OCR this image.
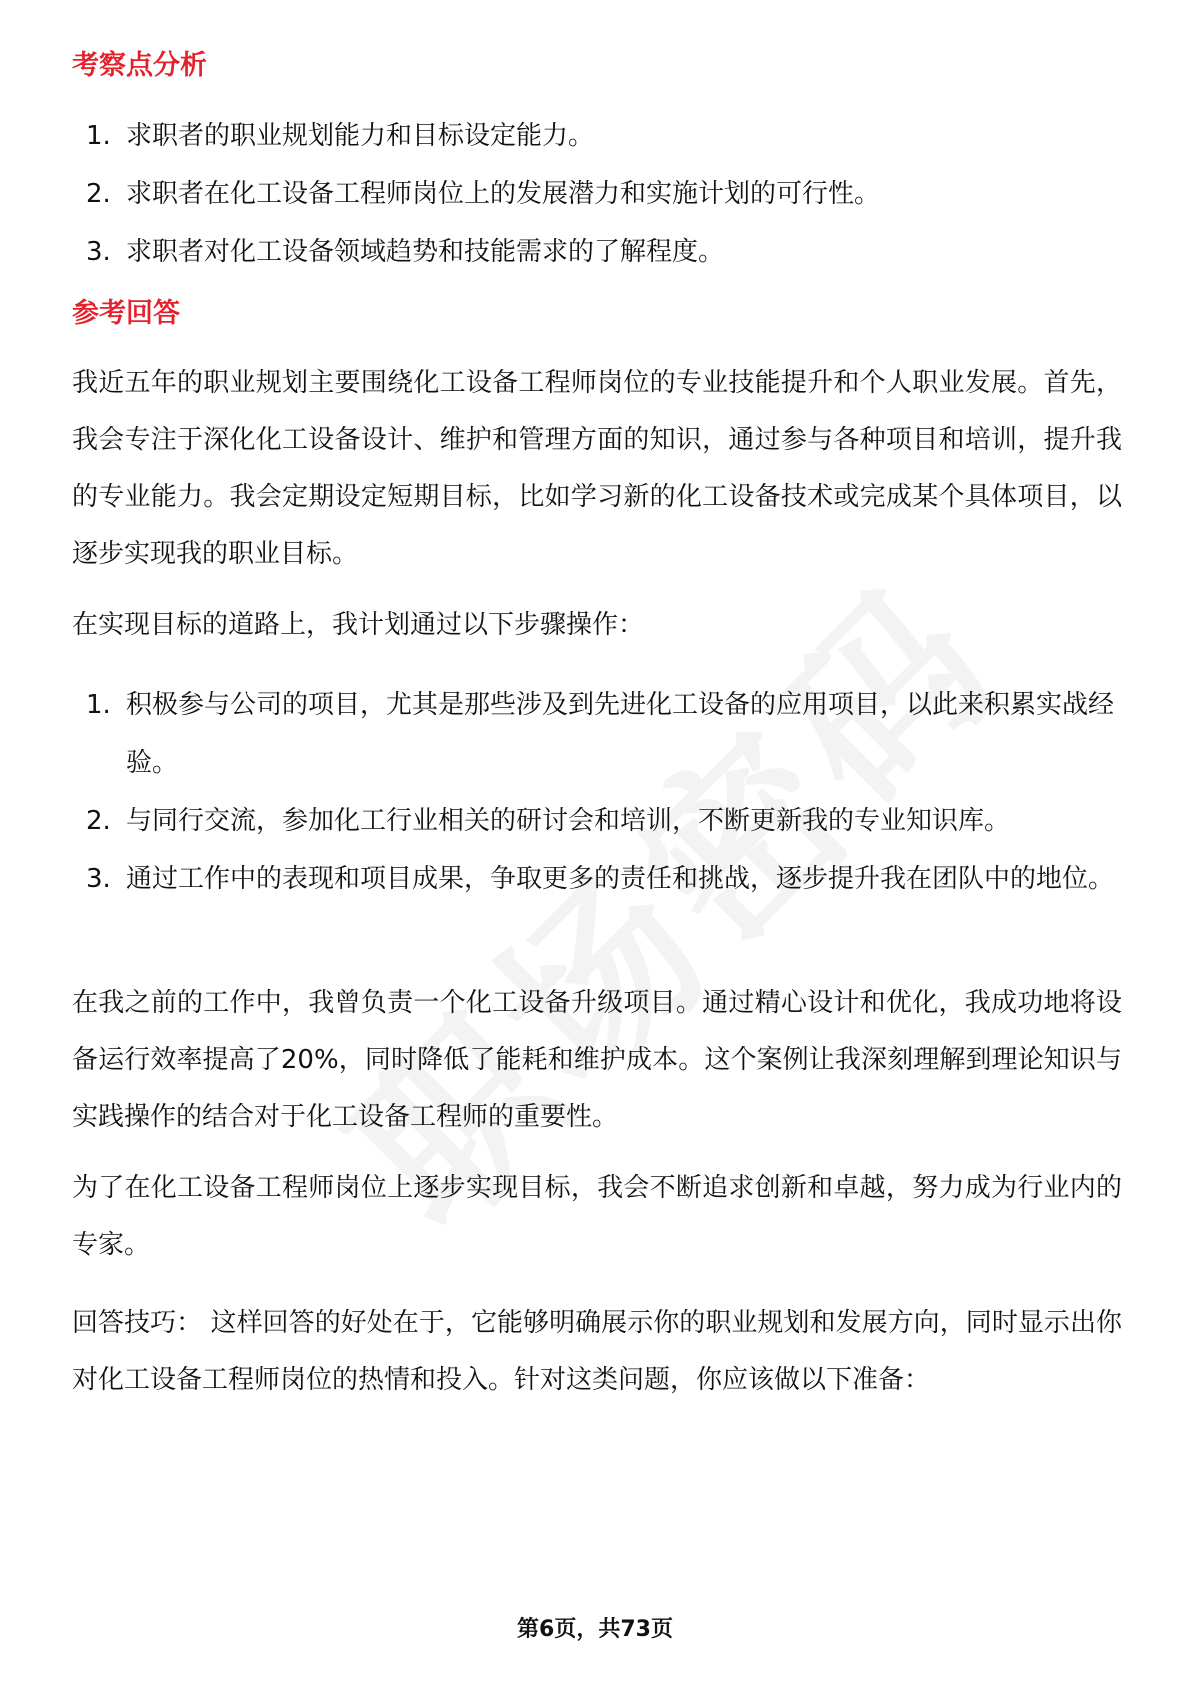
考察点分析
1. 求职者的职业规划能力和目标设定能力。
2. 求职者在化工设备工程师岗位上的发展潜力和实施计划的可行性。
3. 求职者对化工设备领域趋势和技能需求的了解程度。
参考回答

我近五年的职业规划主要围绕化工设备工程师岗位的专业技能提升和个人职业发展。首先，我会专注于深化化工设备设计、维护和管理方面的知识，通过参与各种项目和培训，提升我的专业能力。我会定期设定短期目标，比如学习新的化工设备技术或完成某个具体项目，以逐步实现我的职业目标。

在实现目标的道路上，我计划通过以下步骤操作：

1. 积极参与公司的项目，尤其是那些涉及到先进化工设备的应用项目，以此来积累实战经验。
2. 与同行交流，参加化工行业相关的研讨会和培训，不断更新我的专业知识库。
3. 通过工作中的表现和项目成果，争取更多的责任和挑战，逐步提升我在团队中的地位。

在我之前的工作中，我曾负责一个化工设备升级项目。通过精心设计和优化，我成功地将设备运行效率提高了20%，同时降低了能耗和维护成本。这个案例让我深刻理解到理论知识与实践操作的结合对于化工设备工程师的重要性。

为了在化工设备工程师岗位上逐步实现目标，我会不断追求创新和卓越，努力成为行业内的专家。

回答技巧： 这样回答的好处在于，它能够明确展示你的职业规划和发展方向，同时显示出你对化工设备工程师岗位的热情和投入。针对这类问题，你应该做以下准备：

第6页，共73页
